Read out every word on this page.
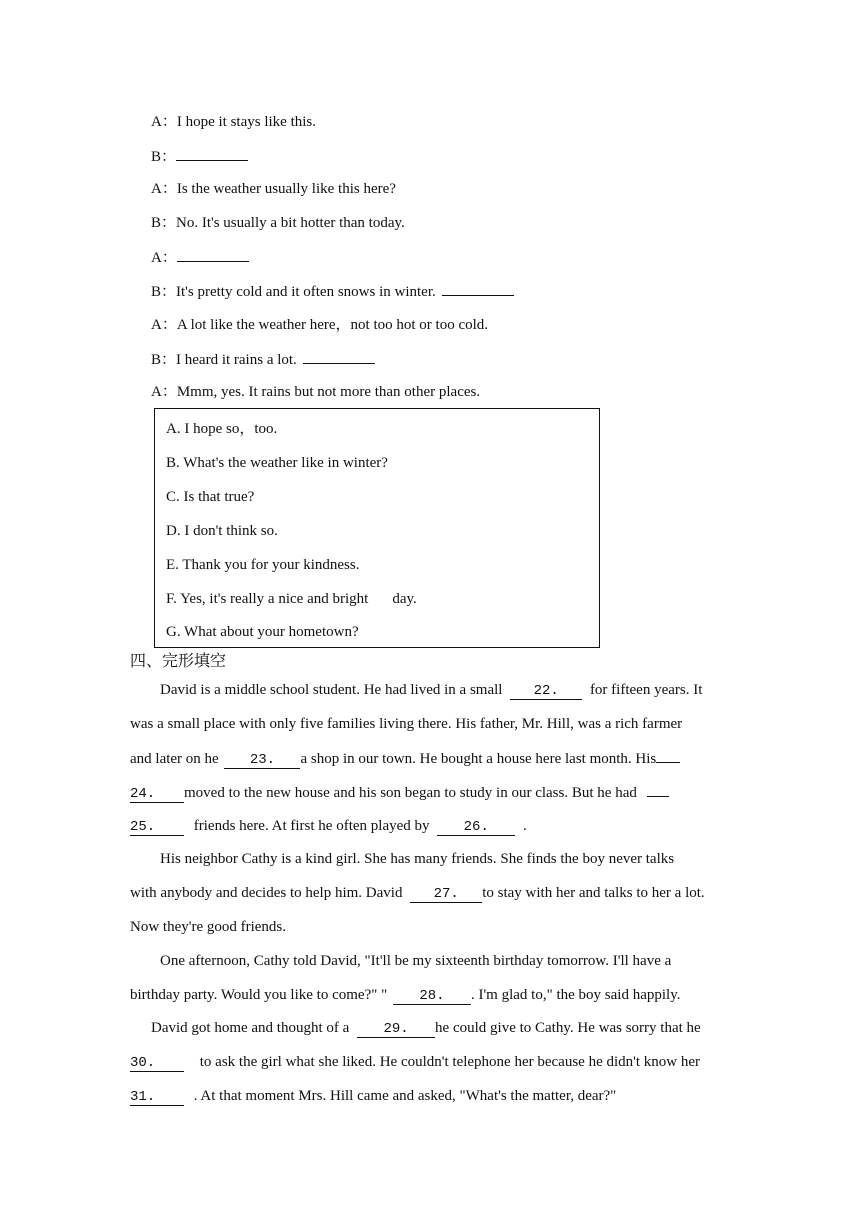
A：I hope it stays like this.
B：
A：Is the weather usually like this here?
B：No. It's usually a bit hotter than today.
A：
B：It's pretty cold and it often snows in winter.
A：A lot like the weather here，not too hot or too cold.
B：I heard it rains a lot.
A：Mmm, yes. It rains but not more than other places.
A. I hope so，too.
B. What's the weather like in winter?
C. Is that true?
D. I don't think so.
E. Thank you for your kindness.
F. Yes, it's really a nice and bright day.
G. What about your hometown?
四、完形填空
David is a middle school student. He had lived in a small 22. for fifteen years. It
was a small place with only five families living there. His father, Mr. Hill, was a rich farmer
and later on he 23. a shop in our town. He bought a house here last month. His
24. moved to the new house and his son began to study in our class. But he had
25.	friends here. At first he often played by 26. .
His neighbor Cathy is a kind girl. She has many friends. She finds the boy never talks
with anybody and decides to help him. David 27. to stay with her and talks to her a lot.
Now they're good friends.
One afternoon, Cathy told David, "It'll be my sixteenth birthday tomorrow. I'll have a
birthday party. Would you like to come?" " 28. . I'm glad to," the boy said happily.
David got home and thought of a 29. he could give to Cathy. He was sorry that he
30.	to ask the girl what she liked. He couldn't telephone her because he didn't know her
31.	. At that moment Mrs. Hill came and asked, "What's the matter, dear?"
